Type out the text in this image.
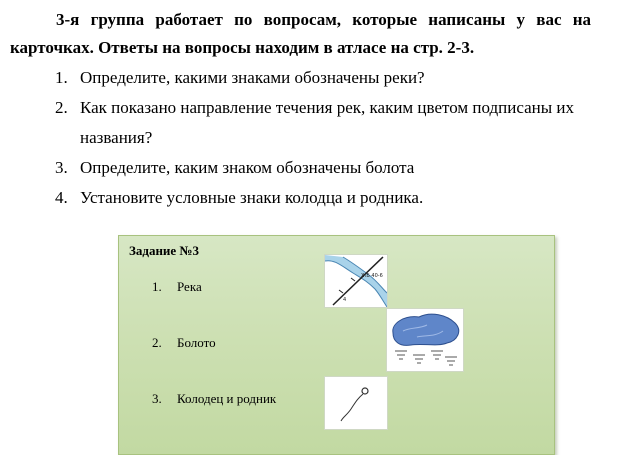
3-я группа работает по вопросам, которые написаны у вас на
карточках. Ответы на вопросы находим в атласе на стр. 2-3.
1. Определите, какими знаками обозначены реки?
2. Как показано направление течения рек, каким цветом подписаны их
названия?
3. Определите, каким знаком обозначены болота
4. Установите условные знаки колодца и родника.
Задание №3
1. Река
2. Болото
3. Колодец и родник
ЖБ 40-6
4
